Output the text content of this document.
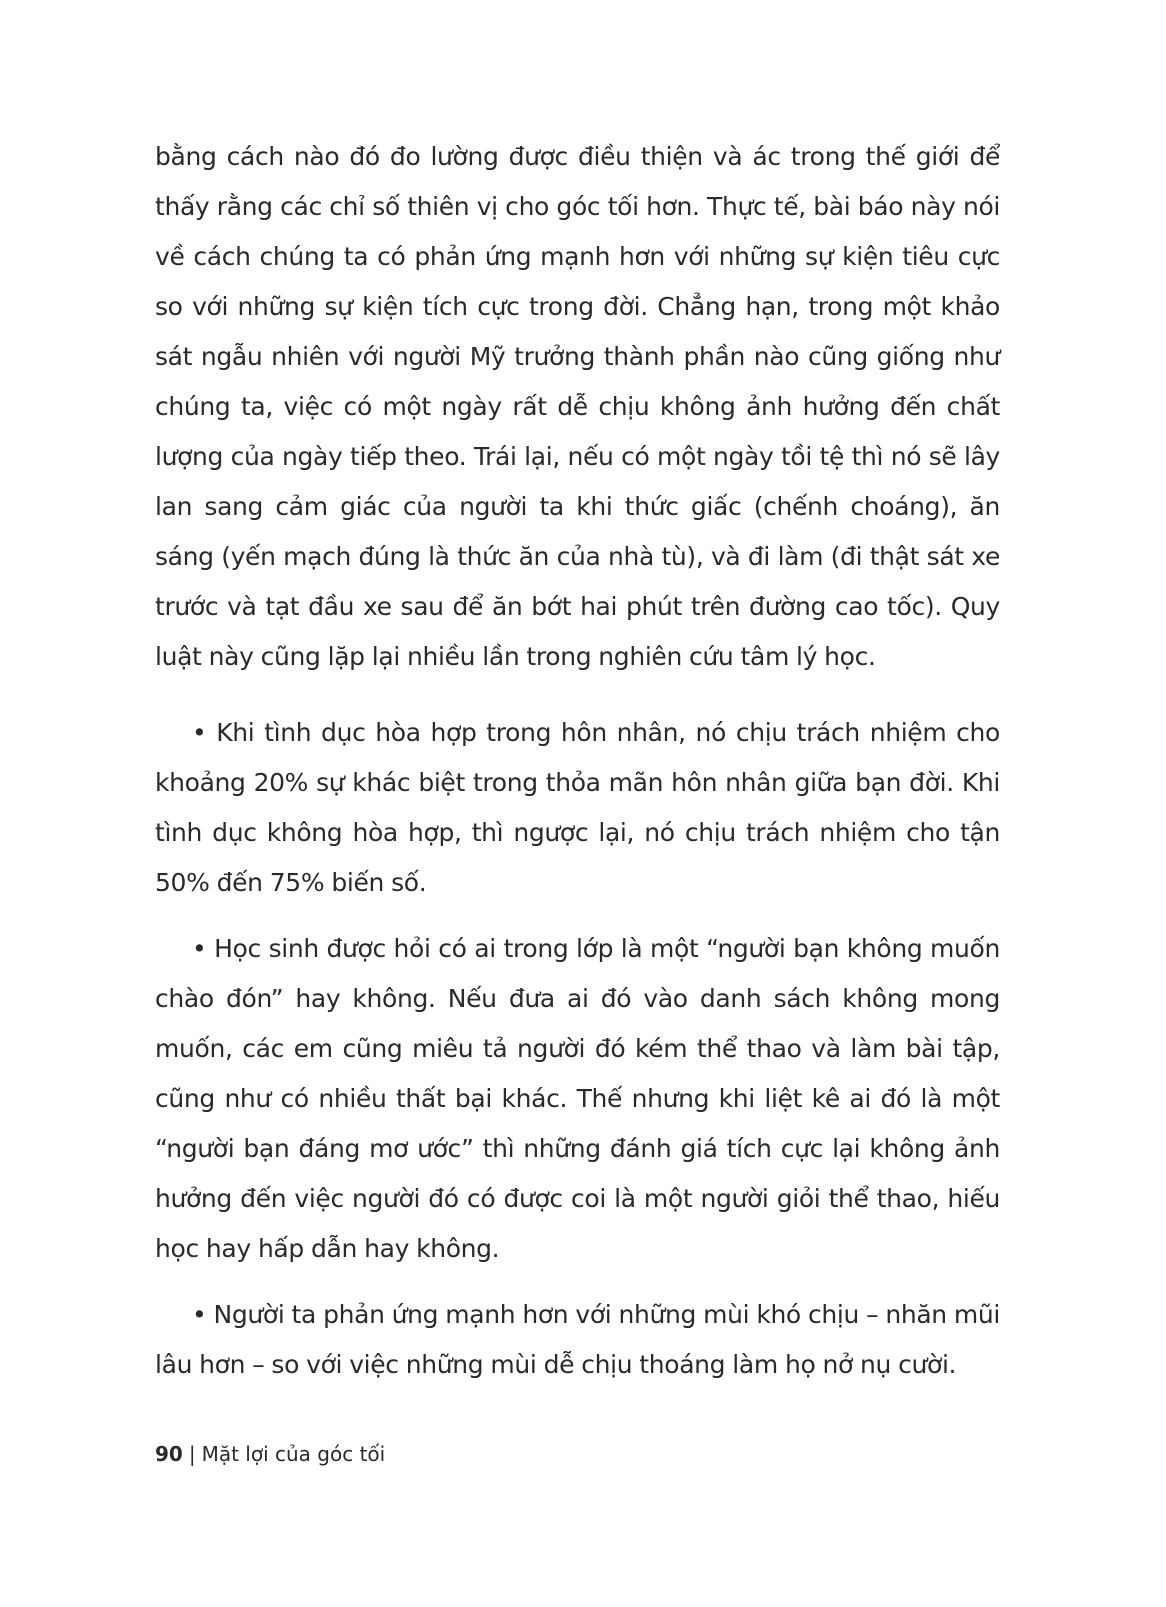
bằng cách nào đó đo lường được điều thiện và ác trong thế giới để thấy rằng các chỉ số thiên vị cho góc tối hơn. Thực tế, bài báo này nói về cách chúng ta có phản ứng mạnh hơn với những sự kiện tiêu cực so với những sự kiện tích cực trong đời. Chẳng hạn, trong một khảo sát ngẫu nhiên với người Mỹ trưởng thành phần nào cũng giống như chúng ta, việc có một ngày rất dễ chịu không ảnh hưởng đến chất lượng của ngày tiếp theo. Trái lại, nếu có một ngày tồi tệ thì nó sẽ lây lan sang cảm giác của người ta khi thức giấc (chếnh choáng), ăn sáng (yến mạch đúng là thức ăn của nhà tù), và đi làm (đi thật sát xe trước và tạt đầu xe sau để ăn bớt hai phút trên đường cao tốc). Quy luật này cũng lặp lại nhiều lần trong nghiên cứu tâm lý học.

• Khi tình dục hòa hợp trong hôn nhân, nó chịu trách nhiệm cho khoảng 20% sự khác biệt trong thỏa mãn hôn nhân giữa bạn đời. Khi tình dục không hòa hợp, thì ngược lại, nó chịu trách nhiệm cho tận 50% đến 75% biến số.

• Học sinh được hỏi có ai trong lớp là một “người bạn không muốn chào đón” hay không. Nếu đưa ai đó vào danh sách không mong muốn, các em cũng miêu tả người đó kém thể thao và làm bài tập, cũng như có nhiều thất bại khác. Thế nhưng khi liệt kê ai đó là một “người bạn đáng mơ ước” thì những đánh giá tích cực lại không ảnh hưởng đến việc người đó có được coi là một người giỏi thể thao, hiếu học hay hấp dẫn hay không.

• Người ta phản ứng mạnh hơn với những mùi khó chịu – nhăn mũi lâu hơn – so với việc những mùi dễ chịu thoáng làm họ nở nụ cười.

90 | Mặt lợi của góc tối
